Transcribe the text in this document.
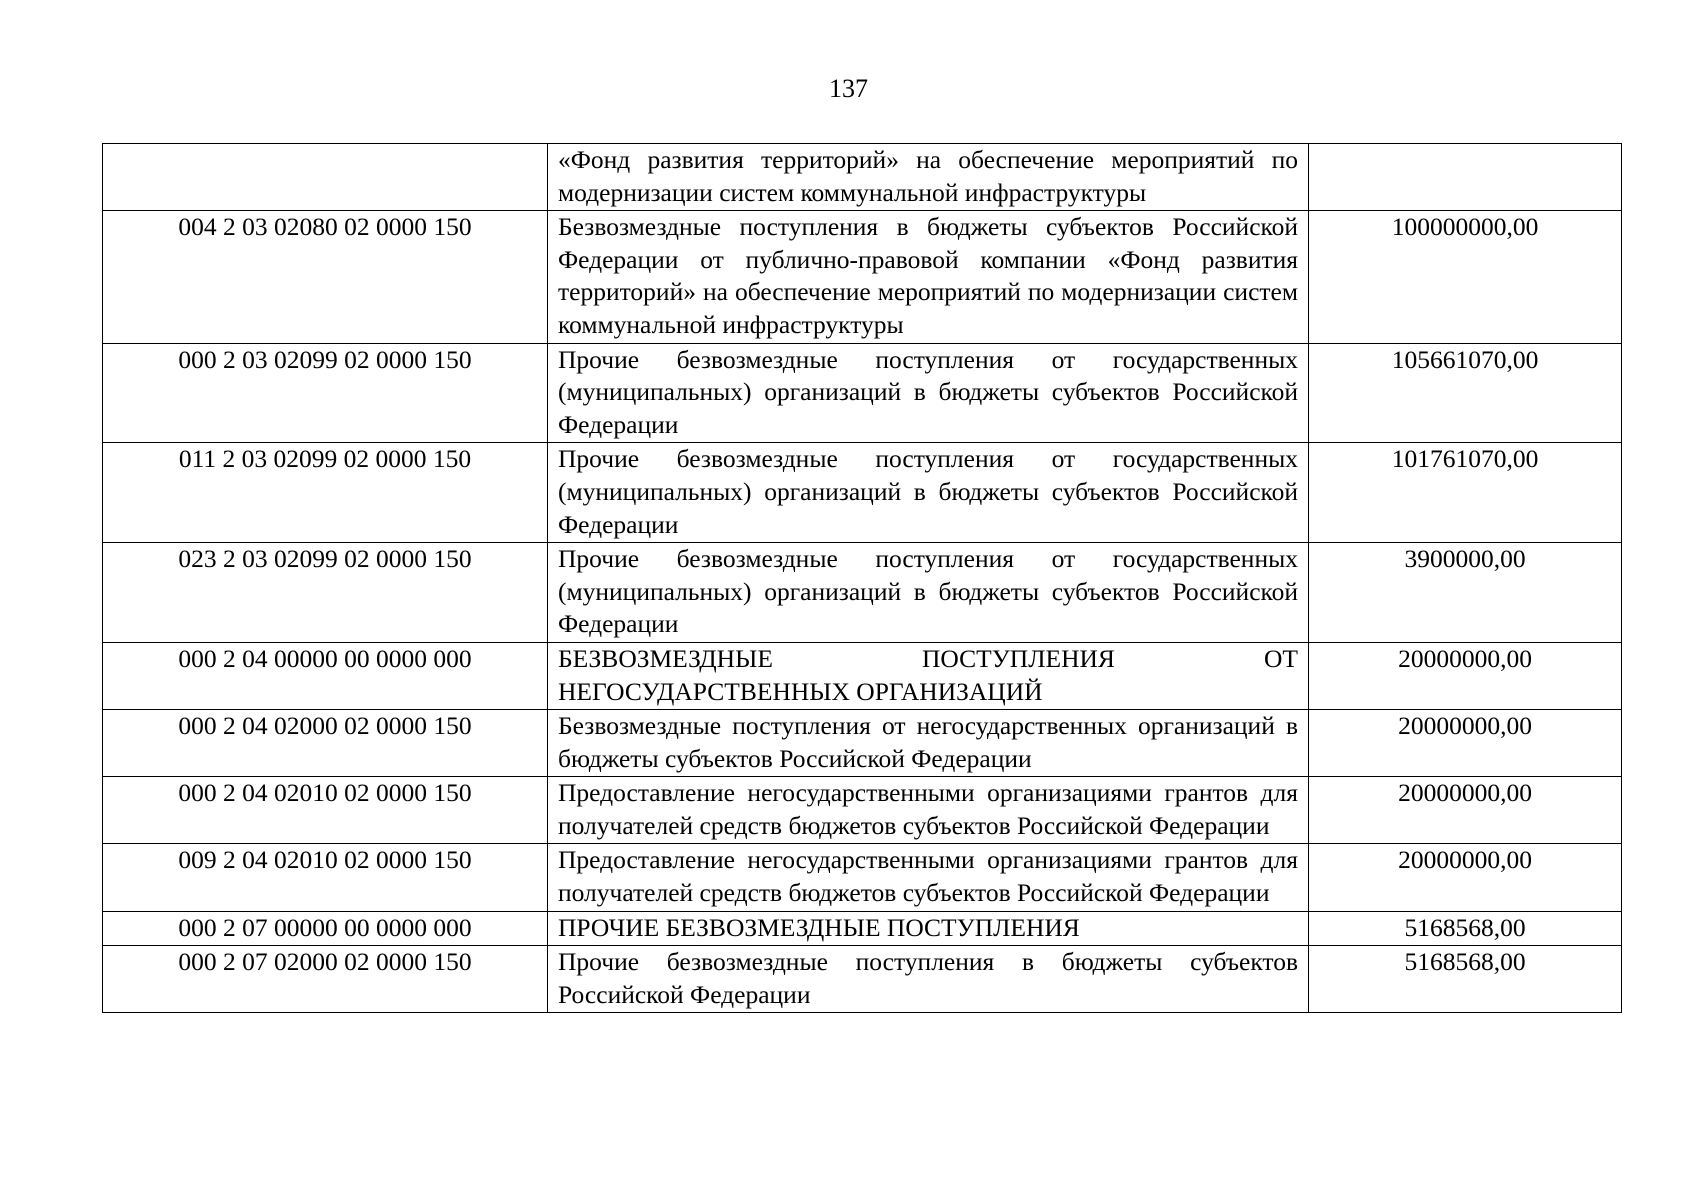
137
	«Фонд развития территорий» на обеспечение мероприятий по модернизации систем коммунальной инфраструктуры	
004 2 03 02080 02 0000 150	Безвозмездные поступления в бюджеты субъектов Российской Федерации от публично-правовой компании «Фонд развития территорий» на обеспечение мероприятий по модернизации систем коммунальной инфраструктуры	100000000,00
000 2 03 02099 02 0000 150	Прочие безвозмездные поступления от государственных (муниципальных) организаций в бюджеты субъектов Российской Федерации	105661070,00
011 2 03 02099 02 0000 150	Прочие безвозмездные поступления от государственных (муниципальных) организаций в бюджеты субъектов Российской Федерации	101761070,00
023 2 03 02099 02 0000 150	Прочие безвозмездные поступления от государственных (муниципальных) организаций в бюджеты субъектов Российской Федерации	3900000,00
000 2 04 00000 00 0000 000	БЕЗВОЗМЕЗДНЫЕ ПОСТУПЛЕНИЯ ОТ НЕГОСУДАРСТВЕННЫХ ОРГАНИЗАЦИЙ	20000000,00
000 2 04 02000 02 0000 150	Безвозмездные поступления от негосударственных организаций в бюджеты субъектов Российской Федерации	20000000,00
000 2 04 02010 02 0000 150	Предоставление негосударственными организациями грантов для получателей средств бюджетов субъектов Российской Федерации	20000000,00
009 2 04 02010 02 0000 150	Предоставление негосударственными организациями грантов для получателей средств бюджетов субъектов Российской Федерации	20000000,00
000 2 07 00000 00 0000 000	ПРОЧИЕ БЕЗВОЗМЕЗДНЫЕ ПОСТУПЛЕНИЯ	5168568,00
000 2 07 02000 02 0000 150	Прочие безвозмездные поступления в бюджеты субъектов Российской Федерации	5168568,00
